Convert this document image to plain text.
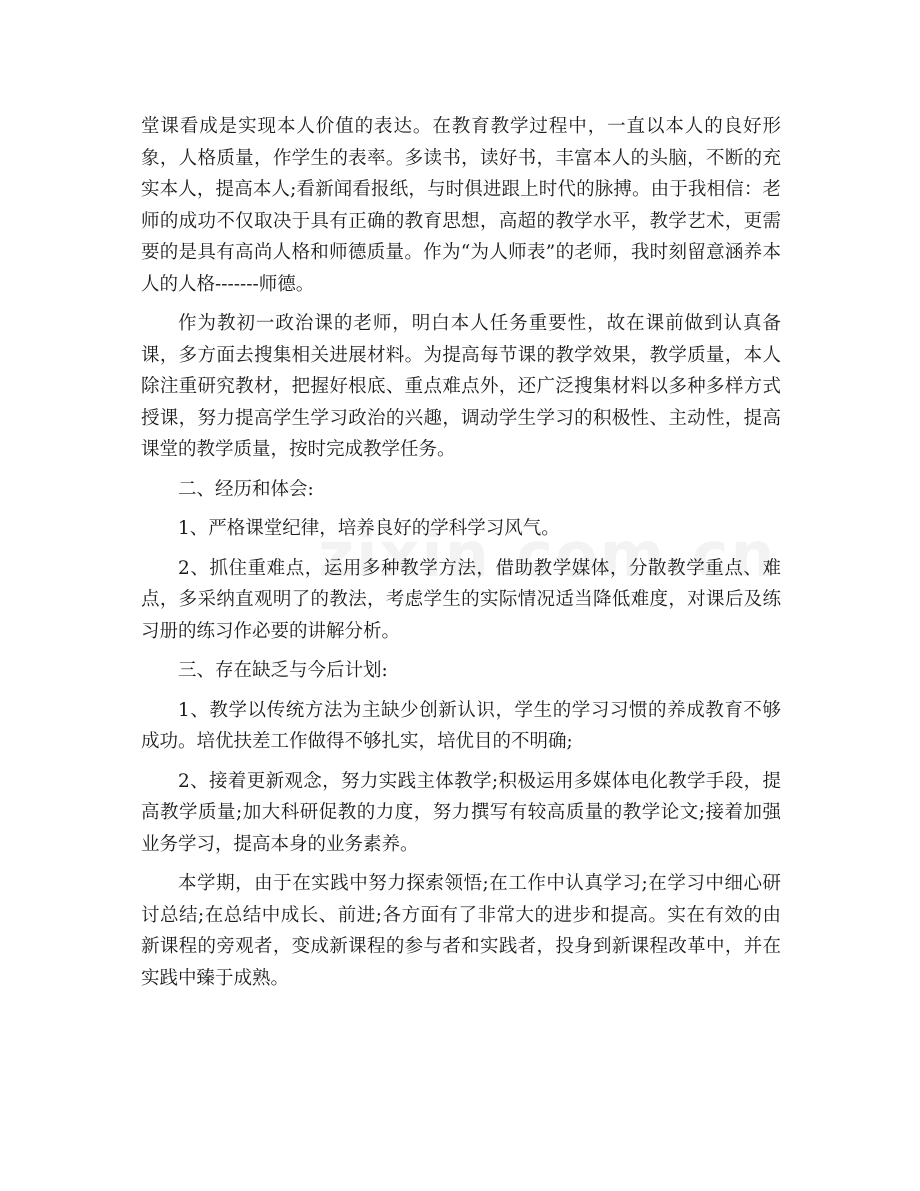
堂课看成是实现本人价值的表达。在教育教学过程中，一直以本人的良好形象，人格质量，作学生的表率。多读书，读好书，丰富本人的头脑，不断的充实本人，提高本人;看新闻看报纸，与时俱进跟上时代的脉搏。由于我相信：老师的成功不仅取决于具有正确的教育思想，高超的教学水平，教学艺术，更需要的是具有高尚人格和师德质量。作为“为人师表”的老师，我时刻留意涵养本人的人格-------师德。

作为教初一政治课的老师，明白本人任务重要性，故在课前做到认真备课，多方面去搜集相关进展材料。为提高每节课的教学效果，教学质量，本人除注重研究教材，把握好根底、重点难点外，还广泛搜集材料以多种多样方式授课，努力提高学生学习政治的兴趣，调动学生学习的积极性、主动性，提高课堂的教学质量，按时完成教学任务。

二、经历和体会:

1、严格课堂纪律，培养良好的学科学习风气。

2、抓住重难点，运用多种教学方法，借助教学媒体，分散教学重点、难点，多采纳直观明了的教法，考虑学生的实际情况适当降低难度，对课后及练习册的练习作必要的讲解分析。

三、存在缺乏与今后计划:

1、教学以传统方法为主缺少创新认识，学生的学习习惯的养成教育不够成功。培优扶差工作做得不够扎实，培优目的不明确;

2、接着更新观念，努力实践主体教学;积极运用多媒体电化教学手段，提高教学质量;加大科研促教的力度，努力撰写有较高质量的教学论文;接着加强业务学习，提高本身的业务素养。

本学期，由于在实践中努力探索领悟;在工作中认真学习;在学习中细心研讨总结;在总结中成长、前进;各方面有了非常大的进步和提高。实在有效的由新课程的旁观者，变成新课程的参与者和实践者，投身到新课程改革中，并在实践中臻于成熟。
